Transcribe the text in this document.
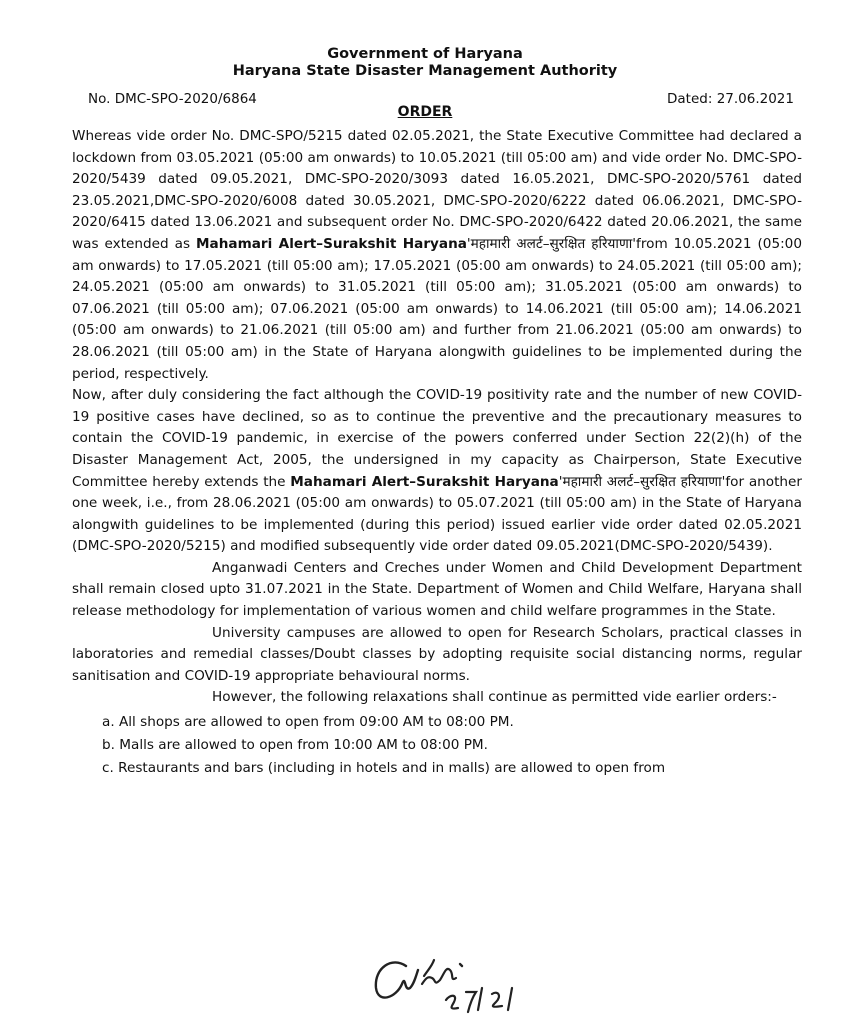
Government of Haryana
Haryana State Disaster Management Authority
No. DMC-SPO-2020/6864	Dated: 27.06.2021
ORDER

Whereas vide order No. DMC-SPO/5215 dated 02.05.2021, the State Executive Committee had declared a lockdown from 03.05.2021 (05:00 am onwards) to 10.05.2021 (till 05:00 am) and vide order No. DMC-SPO-2020/5439 dated 09.05.2021, DMC-SPO-2020/3093 dated 16.05.2021, DMC-SPO-2020/5761 dated 23.05.2021,DMC-SPO-2020/6008 dated 30.05.2021, DMC-SPO-2020/6222 dated 06.06.2021, DMC-SPO-2020/6415 dated 13.06.2021 and subsequent order No. DMC-SPO-2020/6422 dated 20.06.2021, the same was extended as Mahamari Alert–Surakshit Haryana'महामारी अलर्ट–सुरक्षित हरियाणा'from 10.05.2021 (05:00 am onwards) to 17.05.2021 (till 05:00 am); 17.05.2021 (05:00 am onwards) to 24.05.2021 (till 05:00 am); 24.05.2021 (05:00 am onwards) to 31.05.2021 (till 05:00 am); 31.05.2021 (05:00 am onwards) to 07.06.2021 (till 05:00 am); 07.06.2021 (05:00 am onwards) to 14.06.2021 (till 05:00 am); 14.06.2021 (05:00 am onwards) to 21.06.2021 (till 05:00 am) and further from 21.06.2021 (05:00 am onwards) to 28.06.2021 (till 05:00 am) in the State of Haryana alongwith guidelines to be implemented during the period, respectively.

Now, after duly considering the fact although the COVID-19 positivity rate and the number of new COVID-19 positive cases have declined, so as to continue the preventive and the precautionary measures to contain the COVID-19 pandemic, in exercise of the powers conferred under Section 22(2)(h) of the Disaster Management Act, 2005, the undersigned in my capacity as Chairperson, State Executive Committee hereby extends the Mahamari Alert–Surakshit Haryana'महामारी अलर्ट–सुरक्षित हरियाणा'for another one week, i.e., from 28.06.2021 (05:00 am onwards) to 05.07.2021 (till 05:00 am) in the State of Haryana alongwith guidelines to be implemented (during this period) issued earlier vide order dated 02.05.2021 (DMC-SPO-2020/5215) and modified subsequently vide order dated 09.05.2021(DMC-SPO-2020/5439).

Anganwadi Centers and Creches under Women and Child Development Department shall remain closed upto 31.07.2021 in the State. Department of Women and Child Welfare, Haryana shall release methodology for implementation of various women and child welfare programmes in the State.

University campuses are allowed to open for Research Scholars, practical classes in laboratories and remedial classes/Doubt classes by adopting requisite social distancing norms, regular sanitisation and COVID-19 appropriate behavioural norms.

However, the following relaxations shall continue as permitted vide earlier orders:-

a. All shops are allowed to open from 09:00 AM to 08:00 PM.
b. Malls are allowed to open from 10:00 AM to 08:00 PM.
c. Restaurants and bars (including in hotels and in malls) are allowed to open from
